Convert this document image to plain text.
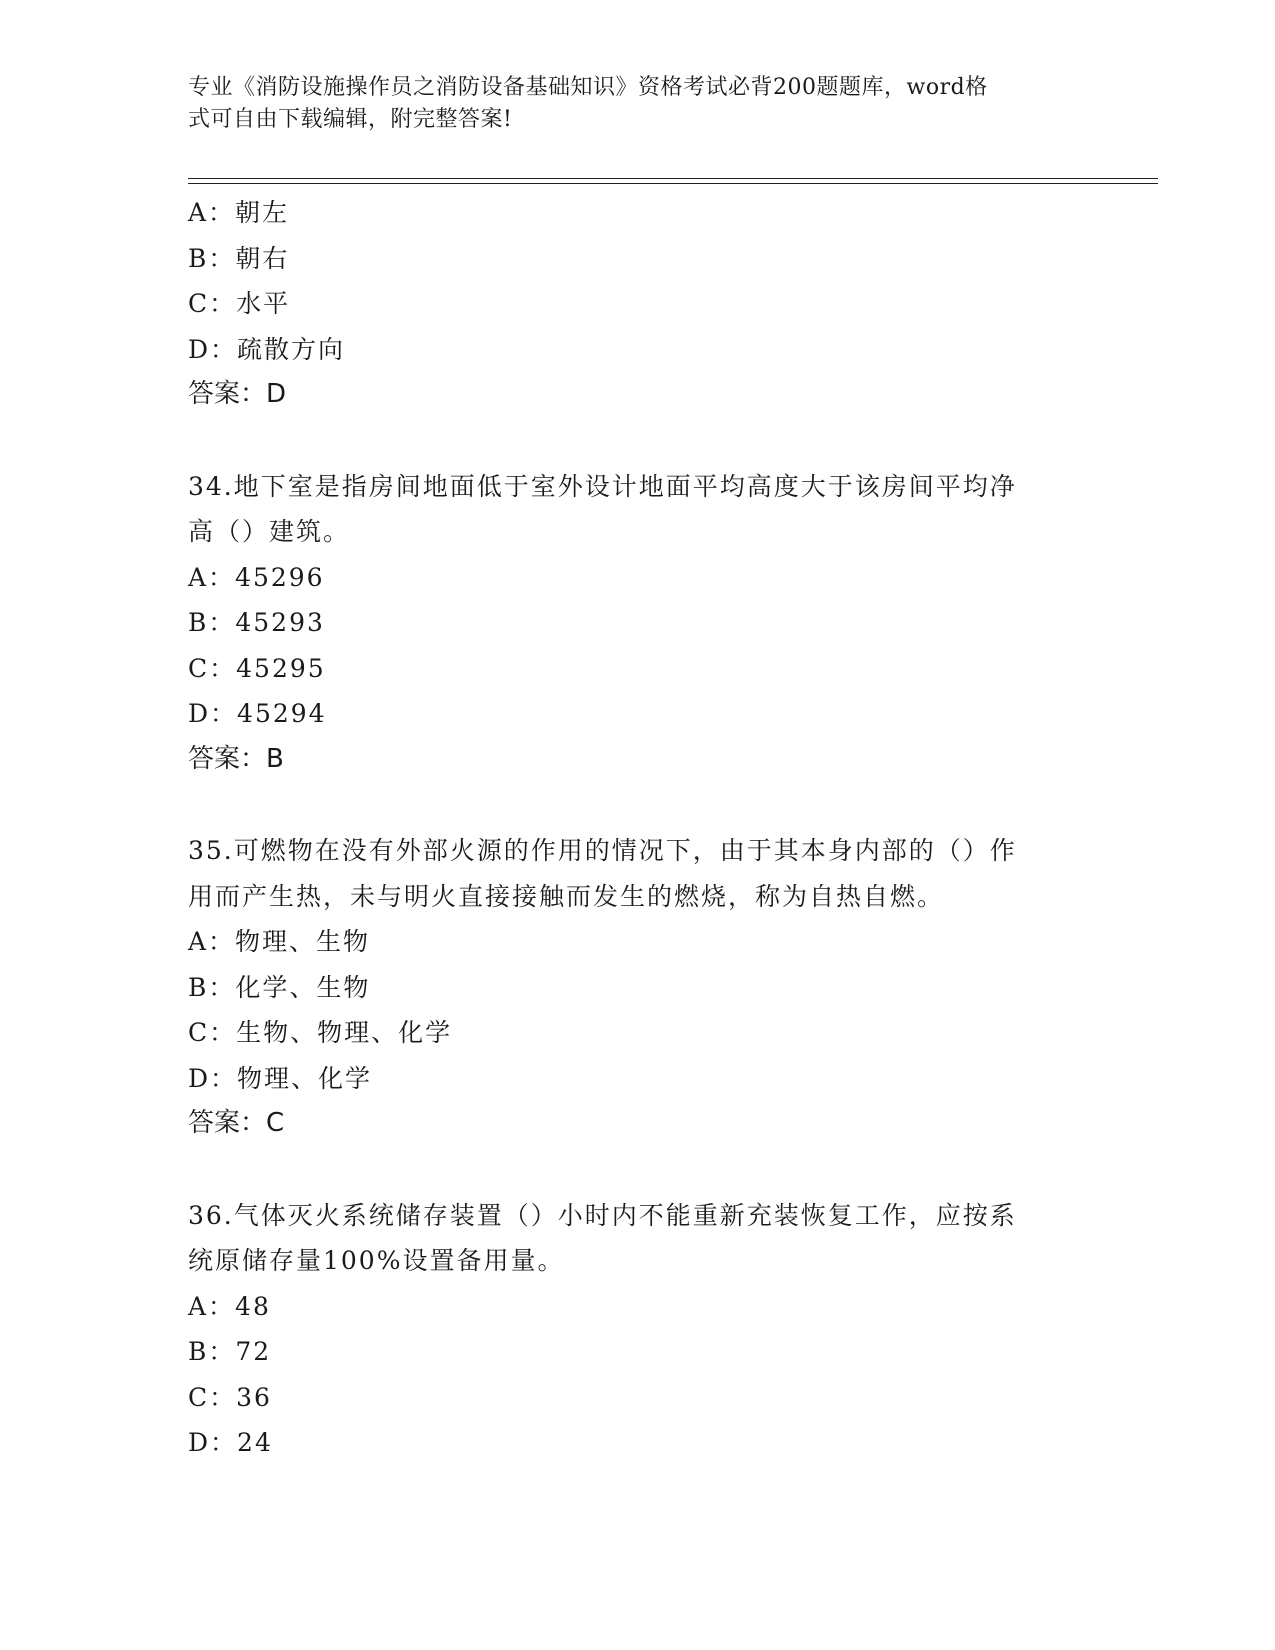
专业《消防设施操作员之消防设备基础知识》资格考试必背200题题库，word格
式可自由下载编辑，附完整答案!
A：朝左
B：朝右
C：水平
D：疏散方向
答案：D
34.地下室是指房间地面低于室外设计地面平均高度大于该房间平均净
高（）建筑。
A：45296
B：45293
C：45295
D：45294
答案：B
35.可燃物在没有外部火源的作用的情况下，由于其本身内部的（）作
用而产生热，未与明火直接接触而发生的燃烧，称为自热自燃。
A：物理、生物
B：化学、生物
C：生物、物理、化学
D：物理、化学
答案：C
36.气体灭火系统储存装置（）小时内不能重新充装恢复工作，应按系
统原储存量100%设置备用量。
A：48
B：72
C：36
D：24
